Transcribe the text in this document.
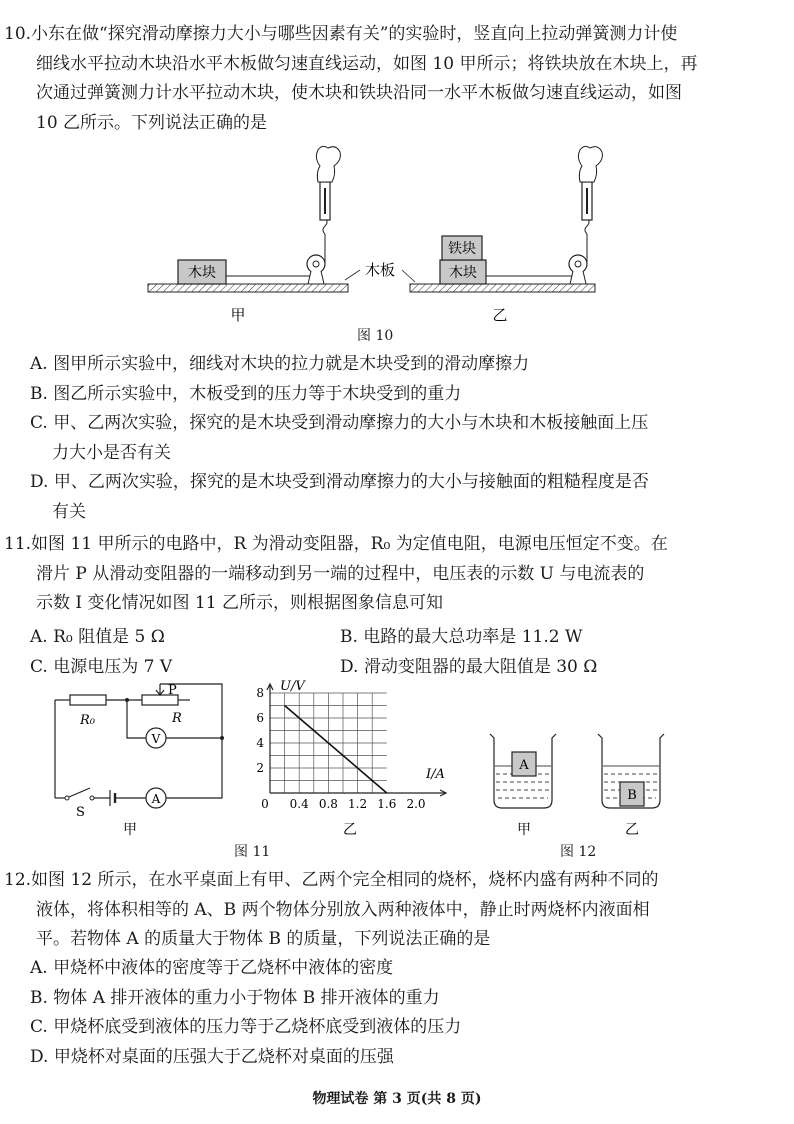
10.小东在做“探究滑动摩擦力大小与哪些因素有关”的实验时，竖直向上拉动弹簧测力计使
细线水平拉动木块沿水平木板做匀速直线运动，如图 10 甲所示；将铁块放在木块上，再
次通过弹簧测力计水平拉动木块，使木块和铁块沿同一水平木板做匀速直线运动，如图
10 乙所示。下列说法正确的是
木块	木板	木块
铁块
甲	乙
图 10
A. 图甲所示实验中，细线对木块的拉力就是木块受到的滑动摩擦力
B. 图乙所示实验中，木板受到的压力等于木块受到的重力
C. 甲、乙两次实验，探究的是木块受到滑动摩擦力的大小与木块和木板接触面上压
力大小是否有关
D. 甲、乙两次实验，探究的是木块受到滑动摩擦力的大小与接触面的粗糙程度是否
有关
11.如图 11 甲所示的电路中，R 为滑动变阻器，R₀ 为定值电阻，电源电压恒定不变。在
滑片 P 从滑动变阻器的一端移动到另一端的过程中，电压表的示数 U 与电流表的
示数 I 变化情况如图 11 乙所示，则根据图象信息可知
A. R₀ 阻值是 5 Ω	B. 电路的最大总功率是 11.2 W
C. 电源电压为 7 V	D. 滑动变阻器的最大阻值是 30 Ω
V
A
R₀	R
P
S
甲
U/V
I/A
0 0.4 0.8 1.2 1.6 2.0
2
4
6
8
乙
图 11
A
B
甲	乙
图 12
12.如图 12 所示，在水平桌面上有甲、乙两个完全相同的烧杯，烧杯内盛有两种不同的
液体，将体积相等的 A、B 两个物体分别放入两种液体中，静止时两烧杯内液面相
平。若物体 A 的质量大于物体 B 的质量，下列说法正确的是
A. 甲烧杯中液体的密度等于乙烧杯中液体的密度
B. 物体 A 排开液体的重力小于物体 B 排开液体的重力
C. 甲烧杯底受到液体的压力等于乙烧杯底受到液体的压力
D. 甲烧杯对桌面的压强大于乙烧杯对桌面的压强
物理试卷 第 3 页(共 8 页)
